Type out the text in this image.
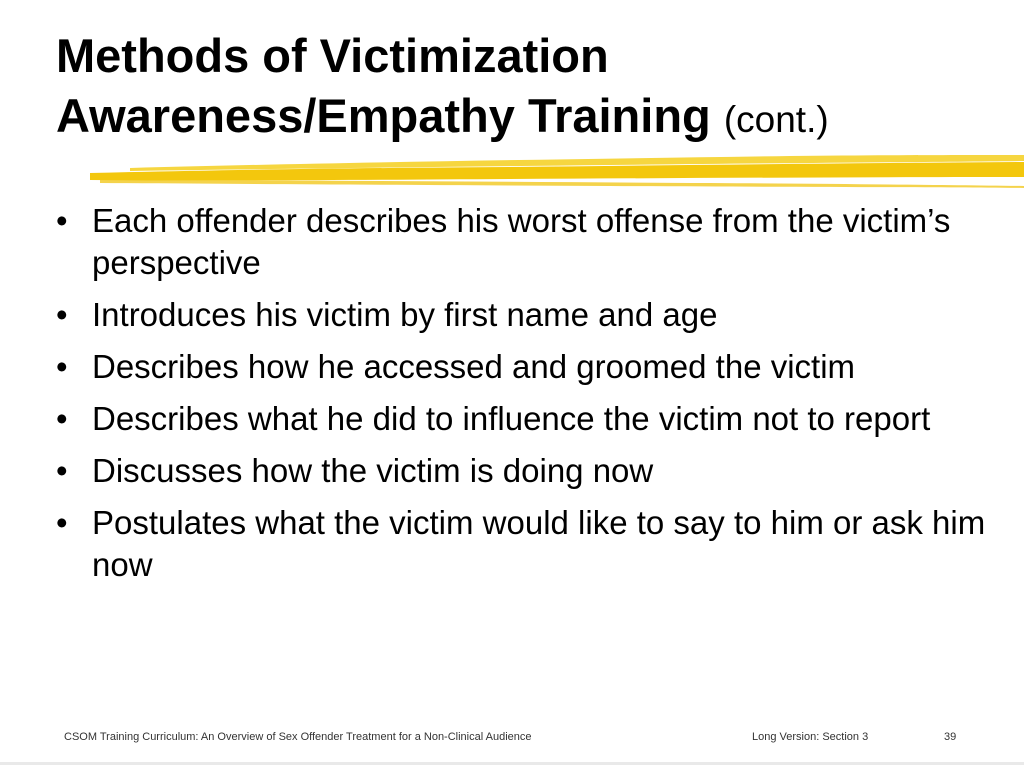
Methods of Victimization
Awareness/Empathy Training (cont.)
• Each offender describes his worst offense from the victim’s perspective
• Introduces his victim by first name and age
• Describes how he accessed and groomed the victim
• Describes what he did to influence the victim not to report
• Discusses how the victim is doing now
• Postulates what the victim would like to say to him or ask him now
CSOM Training Curriculum: An Overview of Sex Offender Treatment for a Non-Clinical Audience	Long Version: Section 3	39
